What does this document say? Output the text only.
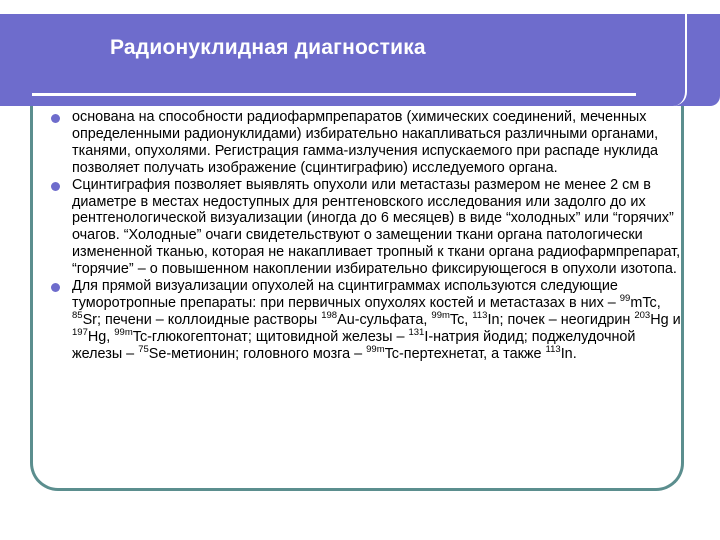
Радионуклидная диагностика
основана на способности радиофармпрепаратов (химических соединений, меченных определенными радионуклидами) избирательно накапливаться различными органами, тканями, опухолями. Регистрация гамма-излучения испускаемого при распаде нуклида позволяет получать изображение (сцинтиграфию) исследуемого органа.
Сцинтиграфия позволяет выявлять опухоли или метастазы размером не менее 2 см в диаметре в местах недоступных для рентгеновского исследования или задолго до их рентгенологической визуализации (иногда до 6 месяцев) в виде “холодных” или “горячих” очагов. “Холодные” очаги свидетельствуют о замещении ткани органа патологически измененной тканью, которая не накапливает тропный к ткани органа радиофармпрепарат, “горячие” – о повышенном накоплении избирательно фиксирующегося в опухоли изотопа.
Для прямой визуализации опухолей на сцинтиграммах используются следующие туморотропные препараты: при первичных опухолях костей и метастазах в них – $^{99}$mTc, $^{85}$Sr; печени – коллоидные растворы $^{198}$Au-сульфата, $^{99m}$Tc, $^{113}$In; почек – неогидрин $^{203}$Hg и $^{197}$Hg, $^{99m}$Tc-глюкогептонат; щитовидной железы – $^{131}$I-натрия йодид; поджелудочной железы – $^{75}$Se-метионин; головного мозга – $^{99m}$Tc-пертехнетат, а также $^{113}$In.
